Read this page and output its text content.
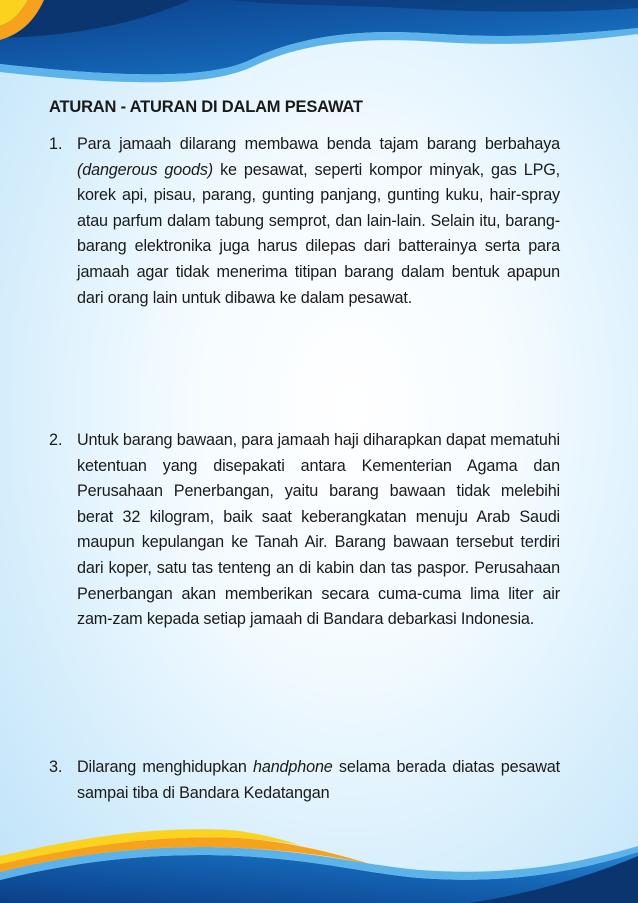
ATURAN - ATURAN DI DALAM PESAWAT
1. Para jamaah dilarang membawa benda tajam barang berbahaya (dangerous goods) ke pesawat, seperti kompor minyak, gas LPG, korek api, pisau, parang, gunting panjang, gunting kuku, hair-spray atau parfum dalam tabung semprot, dan lain-lain. Selain itu, barang-barang elektronika juga harus dilepas dari batterainya serta para jamaah agar tidak menerima titipan barang dalam bentuk apapun dari orang lain untuk dibawa ke dalam pesawat.
2. Untuk barang bawaan, para jamaah haji diharapkan dapat mematuhi ketentuan yang disepakati antara Kementerian Agama dan Perusahaan Penerbangan, yaitu barang bawaan tidak melebihi berat 32 kilogram, baik saat keberangkatan menuju Arab Saudi maupun kepulangan ke Tanah Air. Barang bawaan tersebut terdiri dari koper, satu tas tenteng an di kabin dan tas paspor. Perusahaan Penerbangan akan memberikan secara cuma-cuma lima liter air zam-zam kepada setiap jamaah di Bandara debarkasi Indonesia.
3. Dilarang menghidupkan handphone selama berada diatas pesawat sampai tiba di Bandara Kedatangan
